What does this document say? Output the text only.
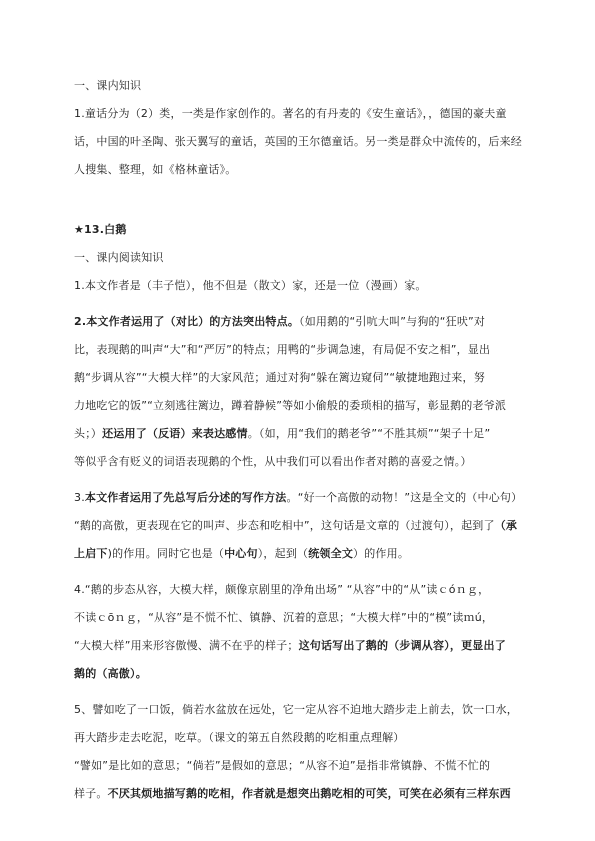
一、课内知识
1.童话分为（2）类，一类是作家创作的。著名的有丹麦的《安生童话》，，德国的豪夫童
话，中国的叶圣陶、张天翼写的童话，英国的王尔德童话。另一类是群众中流传的，后来经
人搜集、整理，如《格林童话》。
★13.白鹅
一、课内阅读知识
1.本文作者是（丰子恺），他不但是（散文）家，还是一位（漫画）家。
2.本文作者运用了（对比）的方法突出特点。（如用鹅的“引吭大叫”与狗的“狂吠”对
比，表现鹅的叫声“大”和“严厉”的特点；用鸭的“步调急速，有局促不安之相”，显出
鹅“步调从容”“大模大样”的大家风范；通过对狗“躲在篱边窥伺”“敏捷地跑过来，努
力地吃它的饭”“立刻逃往篱边，蹲着静候”等如小偷般的委琐相的描写，彰显鹅的老爷派
头；）还运用了（反语）来表达感情。（如，用“我们的鹅老爷”“不胜其烦”“架子十足”
等似乎含有贬义的词语表现鹅的个性，从中我们可以看出作者对鹅的喜爱之情。）
3.本文作者运用了先总写后分述的写作方法。“好一个高傲的动物！”这是全文的（中心句）
“鹅的高傲，更表现在它的叫声、步态和吃相中”，这句话是文章的（过渡句），起到了（承
上启下)的作用。同时它也是（中心句），起到（统领全文）的作用。
4.“鹅的步态从容，大模大样，颇像京剧里的净角出场” “从容”中的“从”读ｃóｎｇ，
不读ｃōｎｇ，“从容”是不慌不忙、镇静、沉着的意思；“大模大样”中的“模”读ｍú，
“大模大样”用来形容傲慢、满不在乎的样子；这句话写出了鹅的（步调从容），更显出了
鹅的（高傲）。
5、譬如吃了一口饭，倘若水盆放在远处，它一定从容不迫地大踏步走上前去，饮一口水，
再大踏步走去吃泥，吃草。（课文的第五自然段鹅的吃相重点理解）
“譬如”是比如的意思；“倘若”是假如的意思；“从容不迫”是指非常镇静、不慌不忙的
样子。不厌其烦地描写鹅的吃相，作者就是想突出鹅吃相的可笑，可笑在必须有三样东西
